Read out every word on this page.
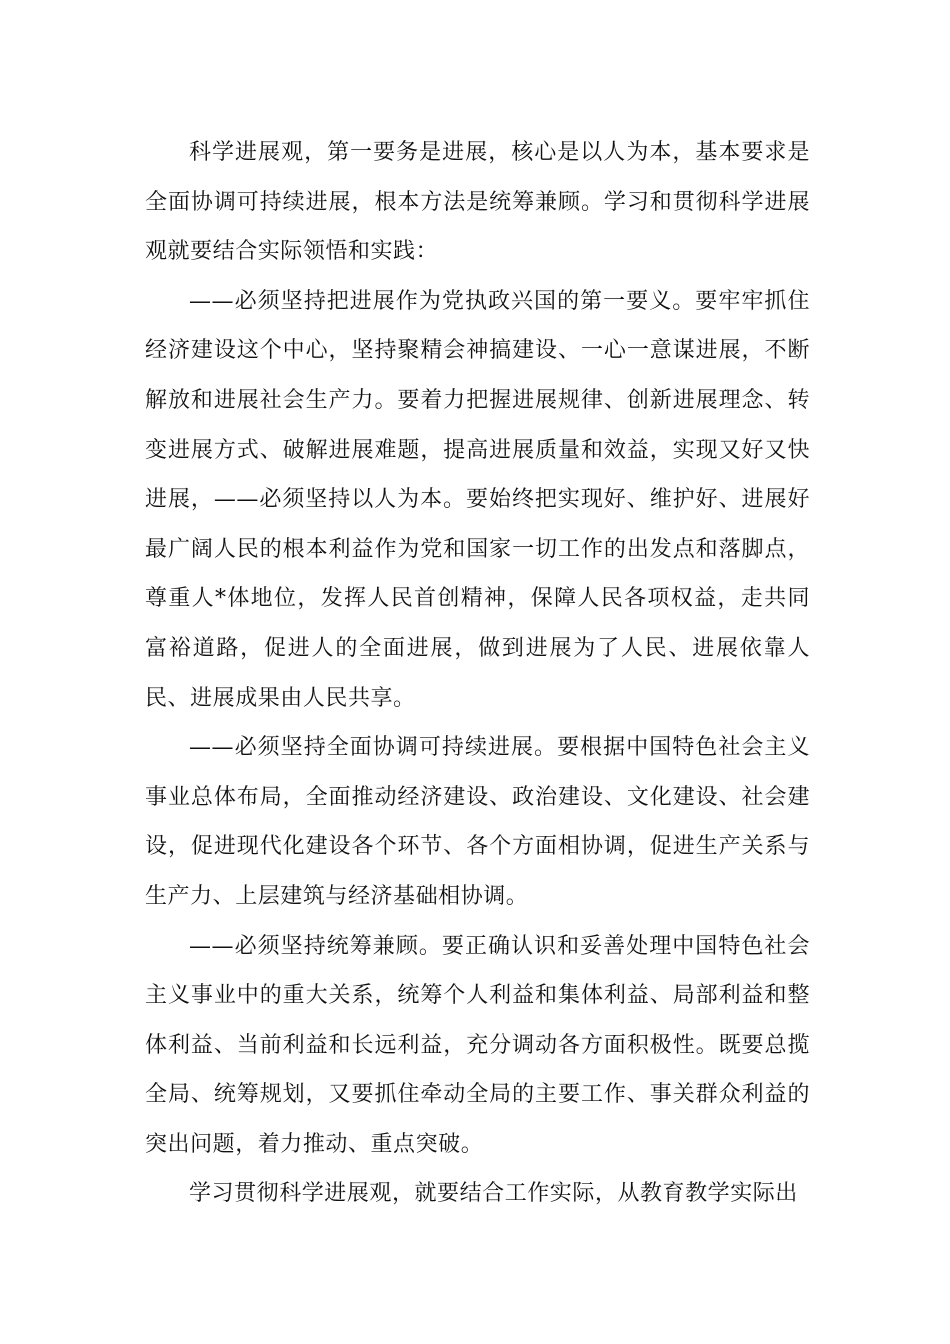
科学进展观，第一要务是进展，核心是以人为本，基本要求是全面协调可持续进展，根本方法是统筹兼顾。学习和贯彻科学进展观就要结合实际领悟和实践：

——必须坚持把进展作为党执政兴国的第一要义。要牢牢抓住经济建设这个中心，坚持聚精会神搞建设、一心一意谋进展，不断解放和进展社会生产力。要着力把握进展规律、创新进展理念、转变进展方式、破解进展难题，提高进展质量和效益，实现又好又快进展，——必须坚持以人为本。要始终把实现好、维护好、进展好最广阔人民的根本利益作为党和国家一切工作的出发点和落脚点，尊重人*体地位，发挥人民首创精神，保障人民各项权益，走共同富裕道路，促进人的全面进展，做到进展为了人民、进展依靠人民、进展成果由人民共享。

——必须坚持全面协调可持续进展。要根据中国特色社会主义事业总体布局，全面推动经济建设、政治建设、文化建设、社会建设，促进现代化建设各个环节、各个方面相协调，促进生产关系与生产力、上层建筑与经济基础相协调。

——必须坚持统筹兼顾。要正确认识和妥善处理中国特色社会主义事业中的重大关系，统筹个人利益和集体利益、局部利益和整体利益、当前利益和长远利益，充分调动各方面积极性。既要总揽全局、统筹规划，又要抓住牵动全局的主要工作、事关群众利益的突出问题，着力推动、重点突破。

学习贯彻科学进展观，就要结合工作实际，从教育教学实际出
